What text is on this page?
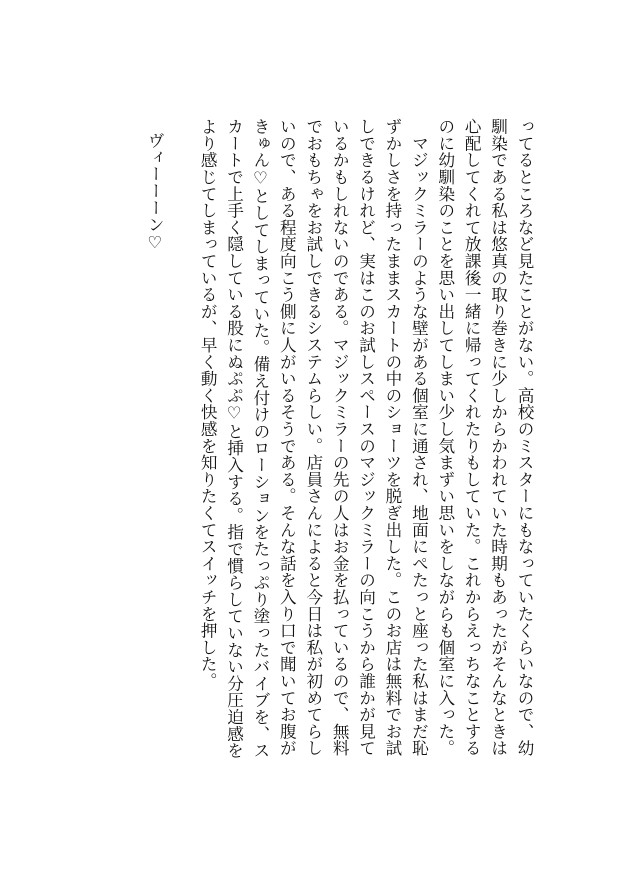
ってるところなど見たことがない。高校のミスターにもなっていたくらいなので、幼
馴染である私は悠真の取り巻きに少しからかわれていた時期もあったがそんなときは
心配してくれて放課後一緒に帰ってくれたりもしていた。これからえっちなことする
のに幼馴染のことを思い出してしまい少し気まずい思いをしながらも個室に入った。
　マジックミラーのような壁がある個室に通され、地面にぺたっと座った私はまだ恥
ずかしさを持ったままスカートの中のショーツを脱ぎ出した。このお店は無料でお試
しできるけれど、実はこのお試しスペースのマジックミラーの向こうから誰かが見て
いるかもしれないのである。マジックミラーの先の人はお金を払っているので、無料
でおもちゃをお試しできるシステムらしい。店員さんによると今日は私が初めてらし
いので、ある程度向こう側に人がいるそうである。そんな話を入り口で聞いてお腹が
きゅん♡としてしまっていた。備え付けのローションをたっぷり塗ったバイブを、ス
カートで上手く隠している股にぬぷぷ♡と挿入する。指で慣らしていない分圧迫感を
より感じてしまっているが、早く動く快感を知りたくてスイッチを押した。
ヴィーーーン♡
